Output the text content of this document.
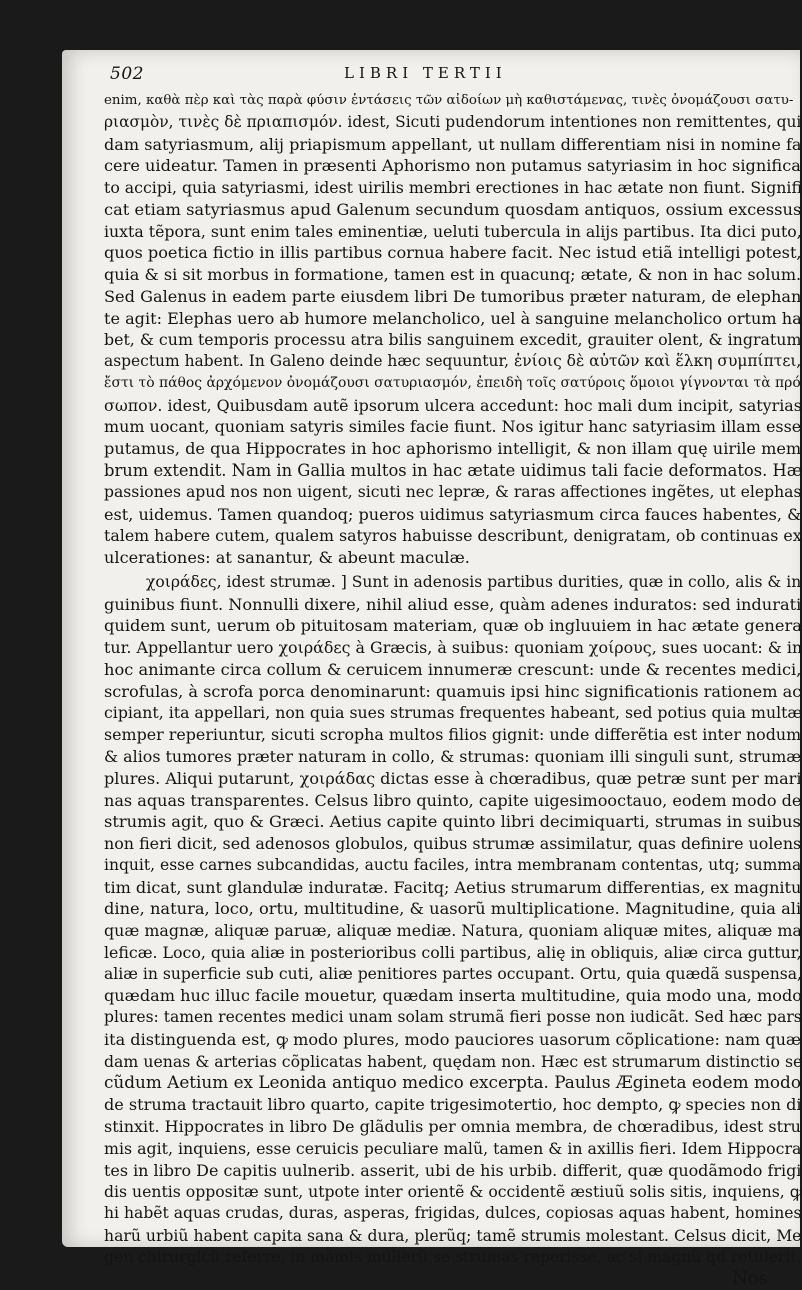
502	LIBRI TERTII
enim, καθὰ πὲρ καὶ τὰς παρὰ φύσιν ἐντάσεις τῶν αἰδοίων μὴ καθιστάμενας, τινὲς ὀνομάζουσι σατυ-
ριασμὸν, τινὲς δὲ πριαπισμόν. idest, Sicuti pudendorum intentiones non remittentes, qui
dam satyriasmum, alij priapismum appellant, ut nullam differentiam nisi in nomine fa
cere uideatur. Tamen in præsenti Aphorismo non putamus satyriasim in hoc significa
to accipi, quia satyriasmi, idest uirilis membri erectiones in hac ætate non fiunt. Signifi
cat etiam satyriasmus apud Galenum secundum quosdam antiquos, ossium excessus
iuxta tẽpora, sunt enim tales eminentiæ, ueluti tubercula in alijs partibus. Ita dici puto,
quos poetica fictio in illis partibus cornua habere facit. Nec istud etiã intelligi potest,
quia & si sit morbus in formatione, tamen est in quacunq; ætate, & non in hac solum.
Sed Galenus in eadem parte eiusdem libri De tumoribus præter naturam, de elephan
te agit: Elephas uero ab humore melancholico, uel à sanguine melancholico ortum ha
bet, & cum temporis processu atra bilis sanguinem excedit, grauiter olent, & ingratum
aspectum habent. In Galeno deinde hæc sequuntur, ἐνίοις δὲ αὐτῶν καὶ ἕλκη συμπίπτει,
ἔστι τὸ πάθος ἀρχόμενον ὀνομάζουσι σατυριασμόν, ἐπειδὴ τοῖς σατύροις ὅμοιοι γίγνονται τὰ πρό
σωπον. idest, Quibusdam autẽ ipsorum ulcera accedunt: hoc mali dum incipit, satyrias
mum uocant, quoniam satyris similes facie fiunt. Nos igitur hanc satyriasim illam esse
putamus, de qua Hippocrates in hoc aphorismo intelligit, & non illam quę uirile mem
brum extendit. Nam in Gallia multos in hac ætate uidimus tali facie deformatos. Hæ
passiones apud nos non uigent, sicuti nec lepræ, & raras affectiones ingẽtes, ut elephas
est, uidemus. Tamen quandoq; pueros uidimus satyriasmum circa fauces habentes, &
talem habere cutem, qualem satyros habuisse describunt, denigratam, ob continuas ex
ulcerationes: at sanantur, & abeunt maculæ.
χοιράδες, idest strumæ. ] Sunt in adenosis partibus durities, quæ in collo, alis & in
guinibus fiunt. Nonnulli dixere, nihil aliud esse, quàm adenes induratos: sed indurati
quidem sunt, uerum ob pituitosam materiam, quæ ob ingluuiem in hac ætate genera
tur. Appellantur uero χοιράδες à Græcis, à suibus: quoniam χοίρους, sues uocant: & in
hoc animante circa collum & ceruicem innumeræ crescunt: unde & recentes medici,
scrofulas, à scrofa porca denominarunt: quamuis ipsi hinc significationis rationem ac
cipiant, ita appellari, non quia sues strumas frequentes habeant, sed potius quia multæ
semper reperiuntur, sicuti scropha multos filios gignit: unde differẽtia est inter nodum
& alios tumores præter naturam in collo, & strumas: quoniam illi singuli sunt, strumæ
plures. Aliqui putarunt, χοιράδας dictas esse à chœradibus, quæ petræ sunt per mari
nas aquas transparentes. Celsus libro quinto, capite uigesimooctauo, eodem modo de
strumis agit, quo & Græci. Aetius capite quinto libri decimiquarti, strumas in suibus
non fieri dicit, sed adenosos globulos, quibus strumæ assimilatur, quas definire uolens
inquit, esse carnes subcandidas, auctu faciles, intra membranam contentas, utq; summa
tim dicat, sunt glandulæ induratæ. Facitq; Aetius strumarum differentias, ex magnitu
dine, natura, loco, ortu, multitudine, & uasorũ multiplicatione. Magnitudine, quia ali
quæ magnæ, aliquæ paruæ, aliquæ mediæ. Natura, quoniam aliquæ mites, aliquæ ma
leficæ. Loco, quia aliæ in posterioribus colli partibus, alię in obliquis, aliæ circa guttur,
aliæ in superficie sub cuti, aliæ penitiores partes occupant. Ortu, quia quædã suspensa,
quædam huc illuc facile mouetur, quædam inserta multitudine, quia modo una, modo
plures: tamen recentes medici unam solam strumã fieri posse non iudicãt. Sed hæc pars
ita distinguenda est, ꝙ modo plures, modo pauciores uasorum cõplicatione: nam quæ
dam uenas & arterias cõplicatas habent, quędam non. Hæc est strumarum distinctio se
cũdum Aetium ex Leonida antiquo medico excerpta. Paulus Ægineta eodem modo
de struma tractauit libro quarto, capite trigesimotertio, hoc dempto, ꝙ species non di
stinxit. Hippocrates in libro De glãdulis per omnia membra, de chœradibus, idest stru
mis agit, inquiens, esse ceruicis peculiare malũ, tamen & in axillis fieri. Idem Hippocra
tes in libro De capitis uulnerib. asserit, ubi de his urbib. differit, quæ quodãmodo frigi
dis uentis oppositæ sunt, utpote inter orientẽ & occidentẽ æstiuũ solis sitis, inquiens, ꝙ
hi habẽt aquas crudas, duras, asperas, frigidas, dulces, copiosas aquas habent, homines
harũ urbiũ habent capita sana & dura, plerũq; tamẽ strumis molestant. Celsus dicit, Me
gen chirurgicũ referre, in mãmis mulierũ se strumas reperisse, ac si magnũ qd retulerit.
Nos
